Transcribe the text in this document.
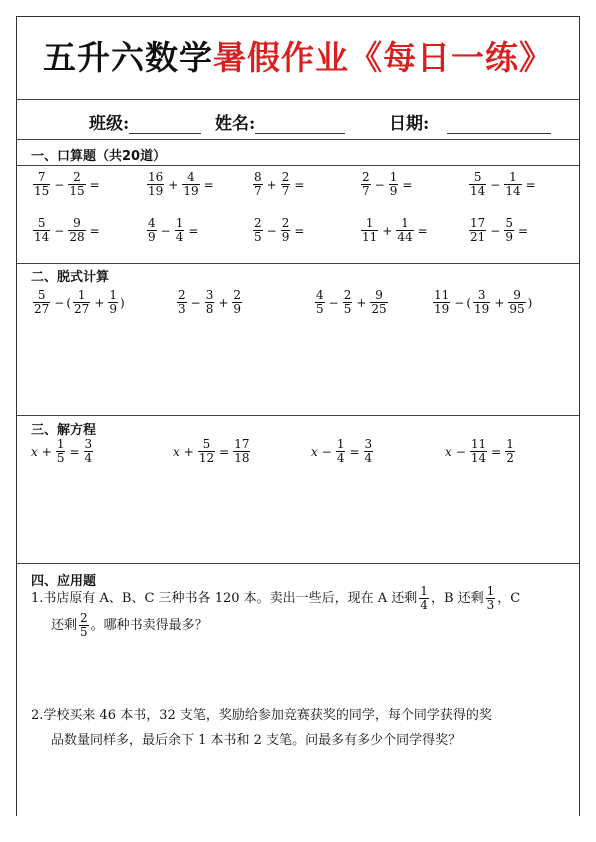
五升六数学暑假作业《每日一练》
班级:	姓名:	日期:
一、口算题（共20道）
$\frac{7}{15} - \frac{2}{15}$ =	$\frac{16}{19} + \frac{4}{19}$ =	$\frac{8}{7} + \frac{2}{7}$ =	$\frac{2}{7} - \frac{1}{9}$ =	$\frac{5}{14} - \frac{1}{14}$ =
$\frac{5}{14} - \frac{9}{28}$ =	$\frac{4}{9} - \frac{1}{4}$ =	$\frac{2}{5} - \frac{2}{9}$ =	$\frac{1}{11} + \frac{1}{44}$ =	$\frac{17}{21} - \frac{5}{9}$ =
二、脱式计算
$\frac{5}{27}$ − ( $\frac{1}{27} + \frac{1}{9}$ )	$\frac{2}{3} - \frac{3}{8} + \frac{2}{9}$	$\frac{4}{5} - \frac{2}{5} + \frac{9}{25}$	$\frac{11}{19}$ − ( $\frac{3}{19} + \frac{9}{95}$ )
三、解方程
$x + \frac{1}{5} = \frac{3}{4}$	$x + \frac{5}{12} = \frac{17}{18}$	$x - \frac{1}{4} = \frac{3}{4}$	$x - \frac{11}{14} = \frac{1}{2}$
四、应用题
1.书店原有 A、B、C 三种书各 120 本。卖出一些后，现在 A 还剩 $\frac{1}{4}$ ，B 还剩 $\frac{1}{3}$ ，C
还剩 $\frac{2}{5}$ 。哪种书卖得最多？
2.学校买来 46 本书，32 支笔，奖励给参加竞赛获奖的同学，每个同学获得的奖
品数量同样多，最后余下 1 本书和 2 支笔。问最多有多少个同学得奖？
